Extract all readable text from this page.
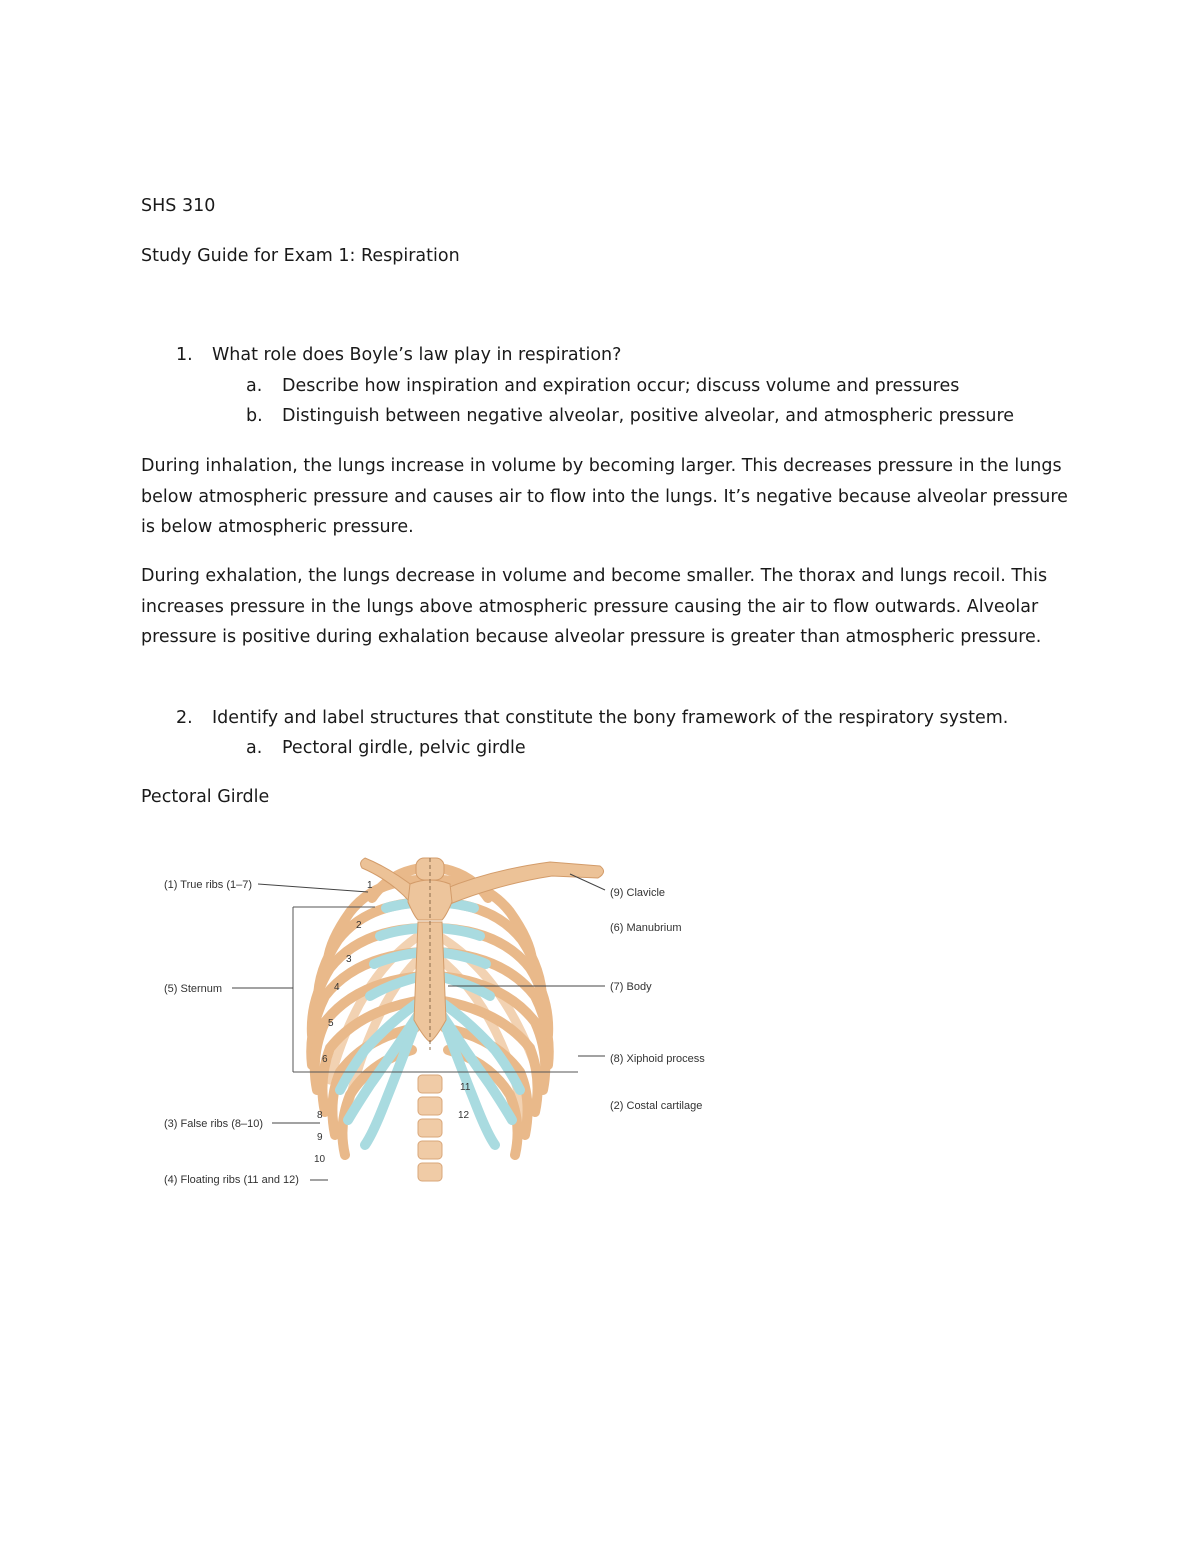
SHS 310
Study Guide for Exam 1: Respiration
1. What role does Boyle’s law play in respiration?
a. Describe how inspiration and expiration occur; discuss volume and pressures
b. Distinguish between negative alveolar, positive alveolar, and atmospheric pressure
During inhalation, the lungs increase in volume by becoming larger. This decreases pressure in the lungs
below atmospheric pressure and causes air to flow into the lungs. It’s negative because alveolar pressure
is below atmospheric pressure.
During exhalation, the lungs decrease in volume and become smaller. The thorax and lungs recoil. This
increases pressure in the lungs above atmospheric pressure causing the air to flow outwards. Alveolar
pressure is positive during exhalation because alveolar pressure is greater than atmospheric pressure.
2. Identify and label structures that constitute the bony framework of the respiratory system.
a. Pectoral girdle, pelvic girdle
Pectoral Girdle
1
2
3
4
5
6
8
9
10
11
12
(1) True ribs (1–7)
(5) Sternum
(3) False ribs (8–10)
(4) Floating ribs (11 and 12)
(9) Clavicle
(6) Manubrium
(7) Body
(8) Xiphoid process
(2) Costal cartilage
